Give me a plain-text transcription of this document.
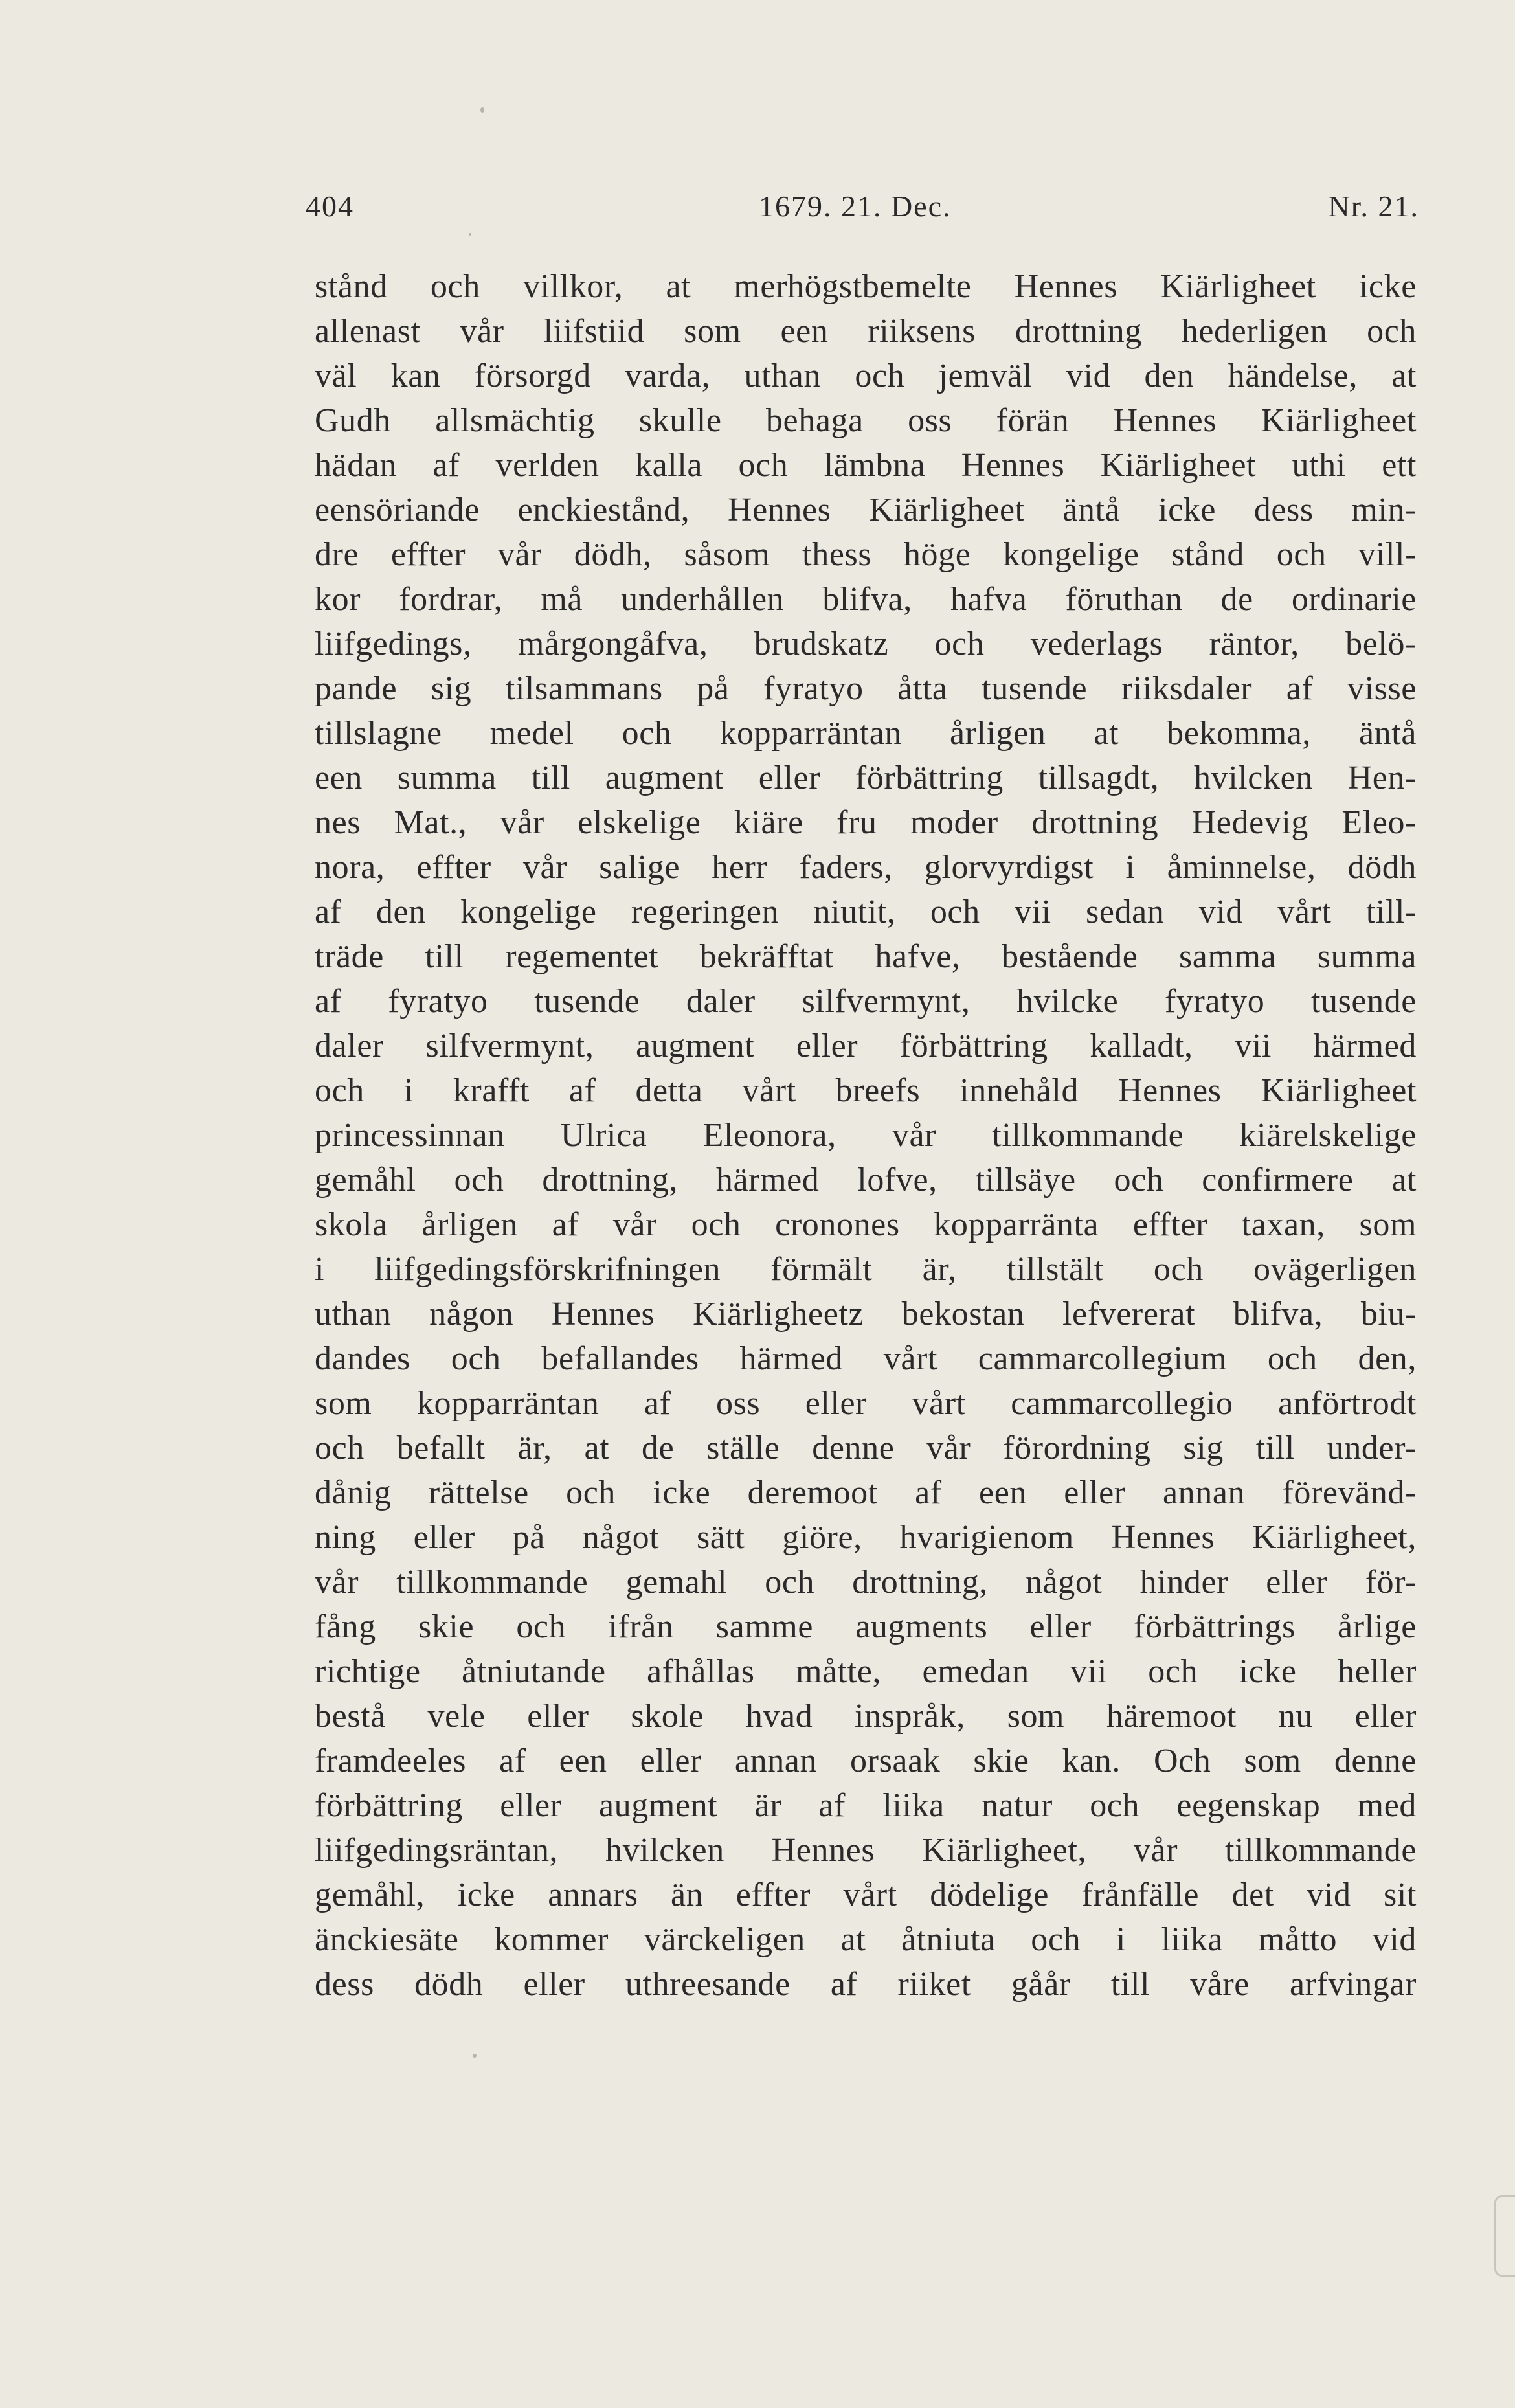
404	1679. 21. Dec.	Nr. 21.
stånd och villkor, at merhögstbemelte Hennes Kiärligheet icke
allenast vår liifstiid som een riiksens drottning hederligen och
väl kan försorgd varda, uthan och jemväl vid den händelse, at
Gudh allsmächtig skulle behaga oss förän Hennes Kiärligheet
hädan af verlden kalla och lämbna Hennes Kiärligheet uthi ett
eensöriande enckiestånd, Hennes Kiärligheet äntå icke dess min-
dre effter vår dödh, såsom thess höge kongelige stånd och vill-
kor fordrar, må underhållen blifva, hafva föruthan de ordinarie
liifgedings, mårgongåfva, brudskatz och vederlags räntor, belö-
pande sig tilsammans på fyratyo åtta tusende riiksdaler af visse
tillslagne medel och kopparräntan årligen at bekomma, äntå
een summa till augment eller förbättring tillsagdt, hvilcken Hen-
nes Mat., vår elskelige kiäre fru moder drottning Hedevig Eleo-
nora, effter vår salige herr faders, glorvyrdigst i åminnelse, dödh
af den kongelige regeringen niutit, och vii sedan vid vårt till-
träde till regementet bekräfftat hafve, bestående samma summa
af fyratyo tusende daler silfvermynt, hvilcke fyratyo tusende
daler silfvermynt, augment eller förbättring kalladt, vii härmed
och i krafft af detta vårt breefs innehåld Hennes Kiärligheet
princessinnan Ulrica Eleonora, vår tillkommande kiärelskelige
gemåhl och drottning, härmed lofve, tillsäye och confirmere at
skola årligen af vår och cronones kopparränta effter taxan, som
i liifgedingsförskrifningen förmält är, tillstält och ovägerligen
uthan någon Hennes Kiärligheetz bekostan lefvererat blifva, biu-
dandes och befallandes härmed vårt cammarcollegium och den,
som kopparräntan af oss eller vårt cammarcollegio anförtrodt
och befallt är, at de ställe denne vår förordning sig till under-
dånig rättelse och icke deremoot af een eller annan förevänd-
ning eller på något sätt giöre, hvarigienom Hennes Kiärligheet,
vår tillkommande gemahl och drottning, något hinder eller för-
fång skie och ifrån samme augments eller förbättrings årlige
richtige åtniutande afhållas måtte, emedan vii och icke heller
bestå vele eller skole hvad inspråk, som häremoot nu eller
framdeeles af een eller annan orsaak skie kan. Och som denne
förbättring eller augment är af liika natur och eegenskap med
liifgedingsräntan, hvilcken Hennes Kiärligheet, vår tillkommande
gemåhl, icke annars än effter vårt dödelige frånfälle det vid sit
änckiesäte kommer värckeligen at åtniuta och i liika måtto vid
dess dödh eller uthreesande af riiket gåår till våre arfvingar
